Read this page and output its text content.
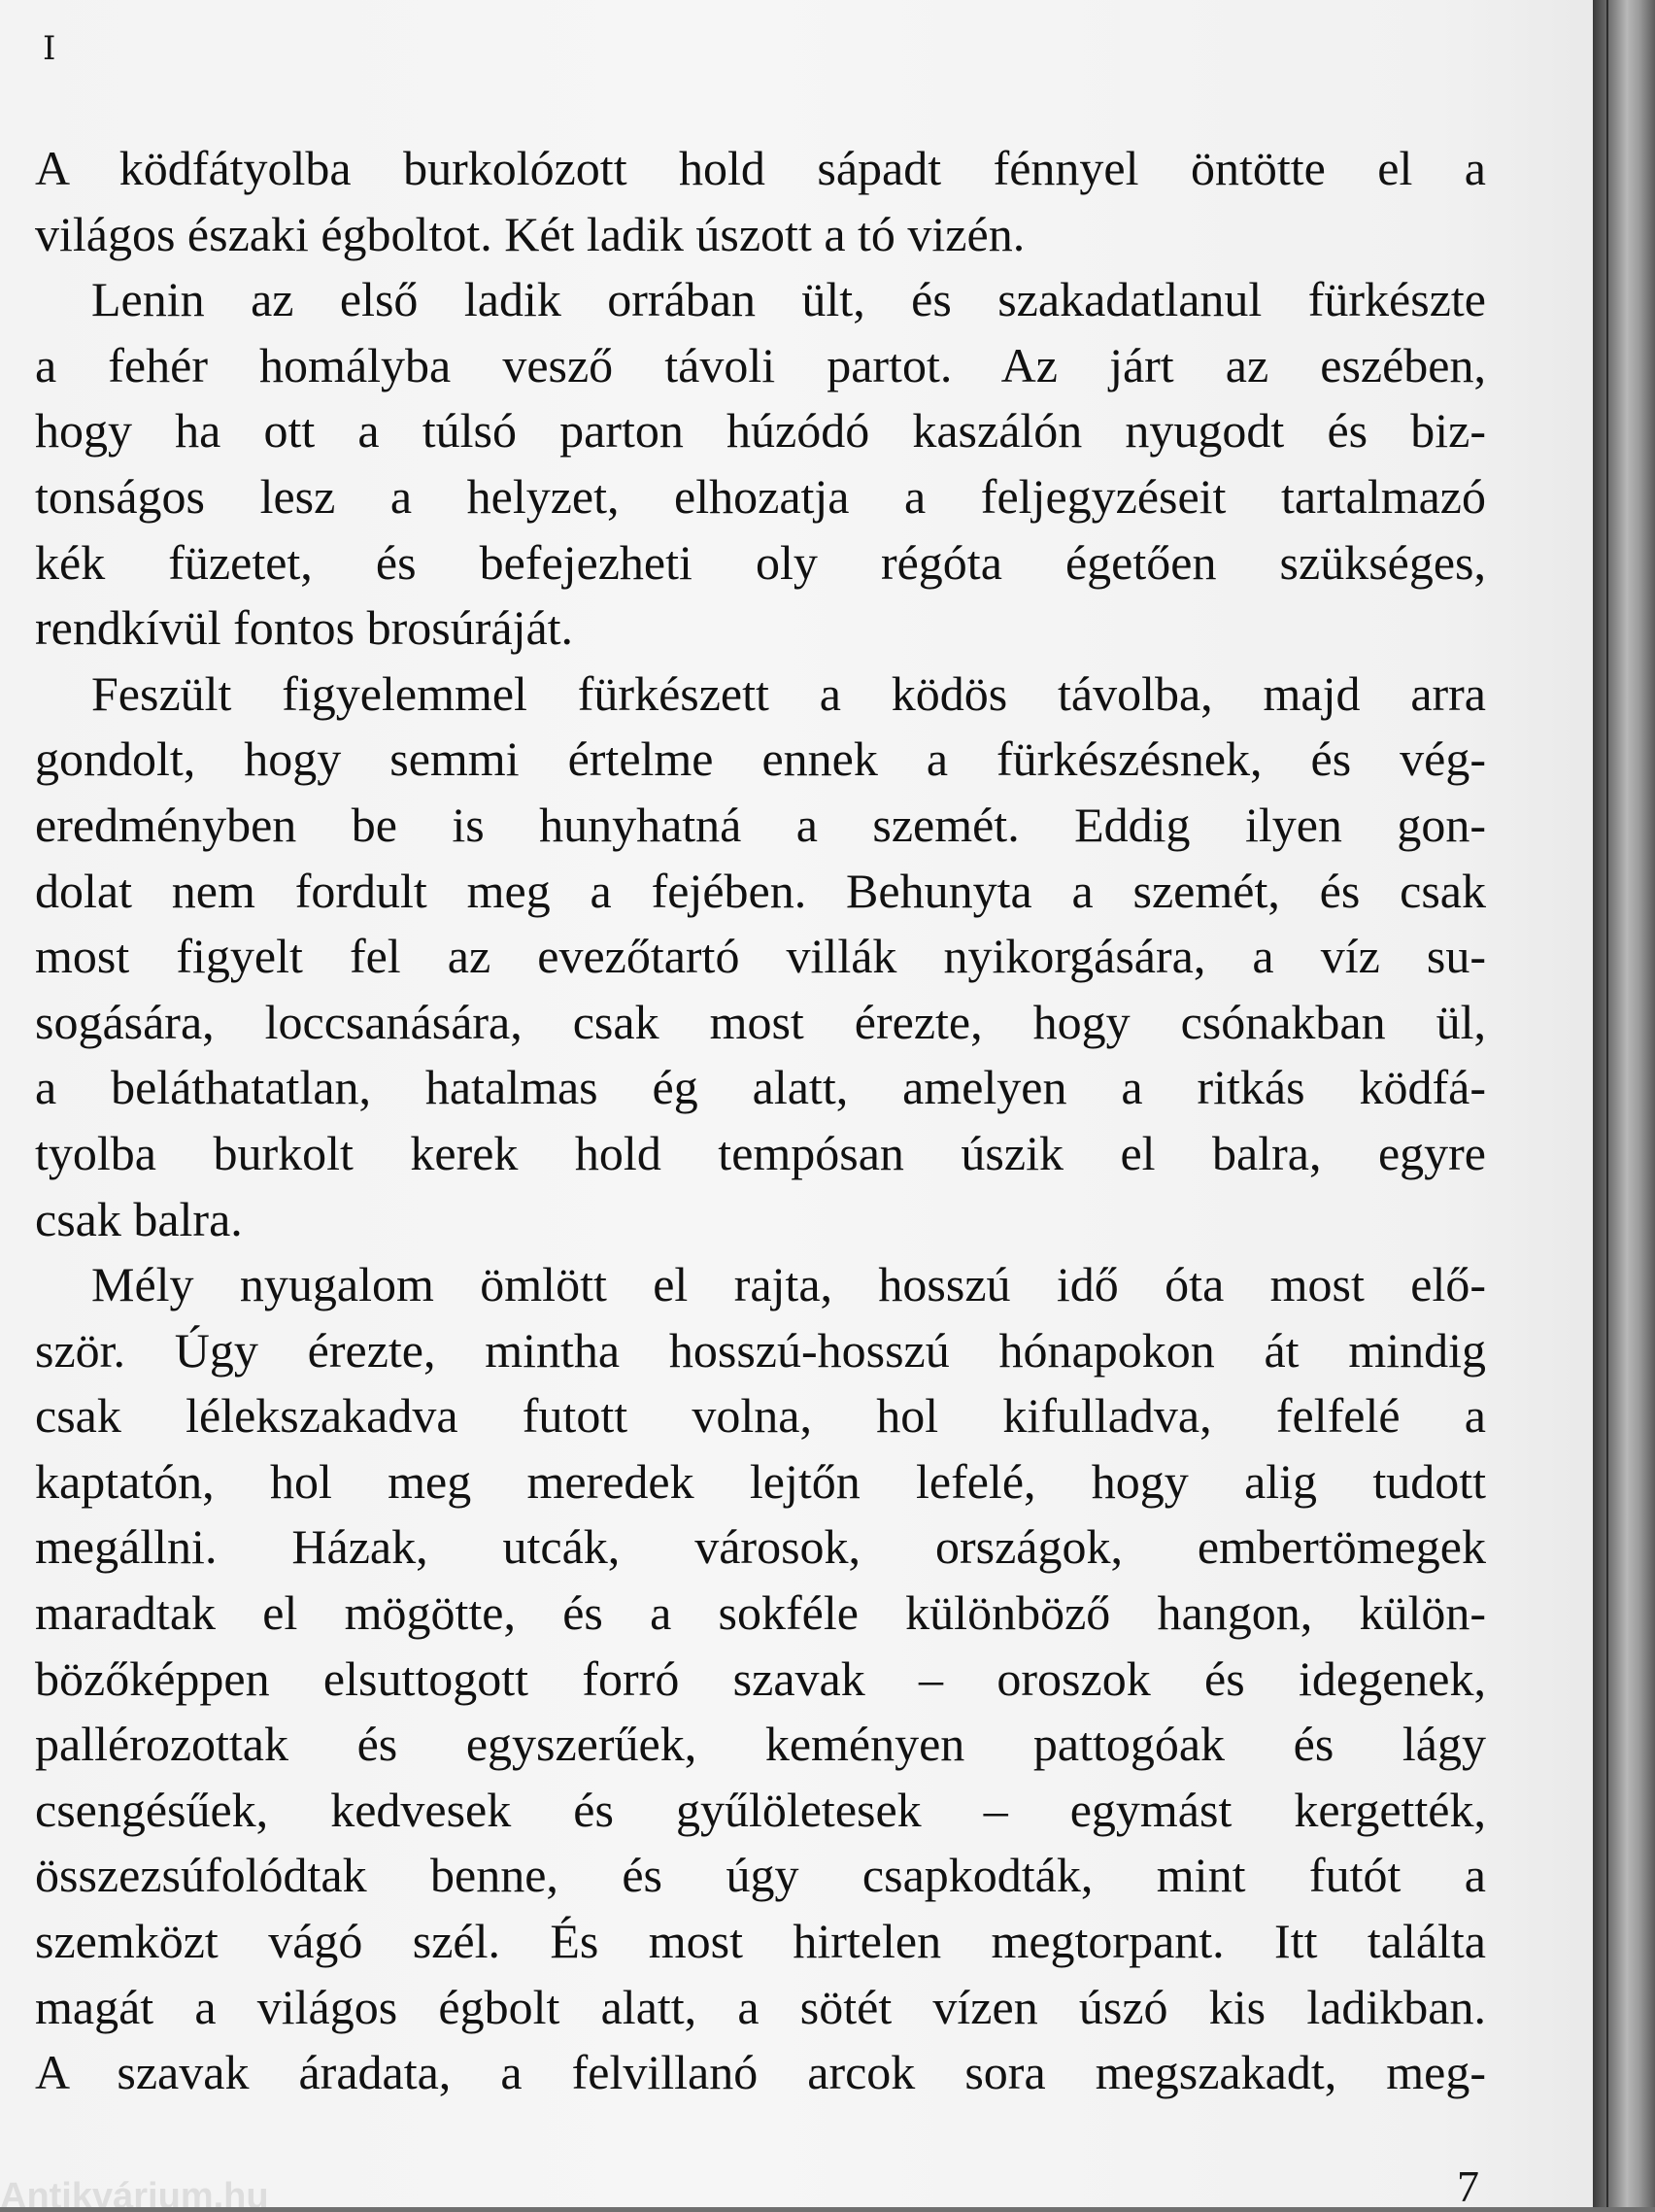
I
A ködfátyolba burkolózott hold sápadt fénnyel öntötte el a
világos északi égboltot. Két ladik úszott a tó vizén.
Lenin az első ladik orrában ült, és szakadatlanul fürkészte
a fehér homályba vesző távoli partot. Az járt az eszében,
hogy ha ott a túlsó parton húzódó kaszálón nyugodt és biz-
tonságos lesz a helyzet, elhozatja a feljegyzéseit tartalmazó
kék füzetet, és befejezheti oly régóta égetően szükséges,
rendkívül fontos brosúráját.
Feszült figyelemmel fürkészett a ködös távolba, majd arra
gondolt, hogy semmi értelme ennek a fürkészésnek, és vég-
eredményben be is hunyhatná a szemét. Eddig ilyen gon-
dolat nem fordult meg a fejében. Behunyta a szemét, és csak
most figyelt fel az evezőtartó villák nyikorgására, a víz su-
sogására, loccsanására, csak most érezte, hogy csónakban ül,
a beláthatatlan, hatalmas ég alatt, amelyen a ritkás ködfá-
tyolba burkolt kerek hold tempósan úszik el balra, egyre
csak balra.
Mély nyugalom ömlött el rajta, hosszú idő óta most elő-
ször. Úgy érezte, mintha hosszú-hosszú hónapokon át mindig
csak lélekszakadva futott volna, hol kifulladva, felfelé a
kaptatón, hol meg meredek lejtőn lefelé, hogy alig tudott
megállni. Házak, utcák, városok, országok, embertömegek
maradtak el mögötte, és a sokféle különböző hangon, külön-
bözőképpen elsuttogott forró szavak – oroszok és idegenek,
pallérozottak és egyszerűek, keményen pattogóak és lágy
csengésűek, kedvesek és gyűlöletesek – egymást kergették,
összezsúfolódtak benne, és úgy csapkodták, mint futót a
szemközt vágó szél. És most hirtelen megtorpant. Itt találta
magát a világos égbolt alatt, a sötét vízen úszó kis ladikban.
A szavak áradata, a felvillanó arcok sora megszakadt, meg-
7
Antikvárium.hu
